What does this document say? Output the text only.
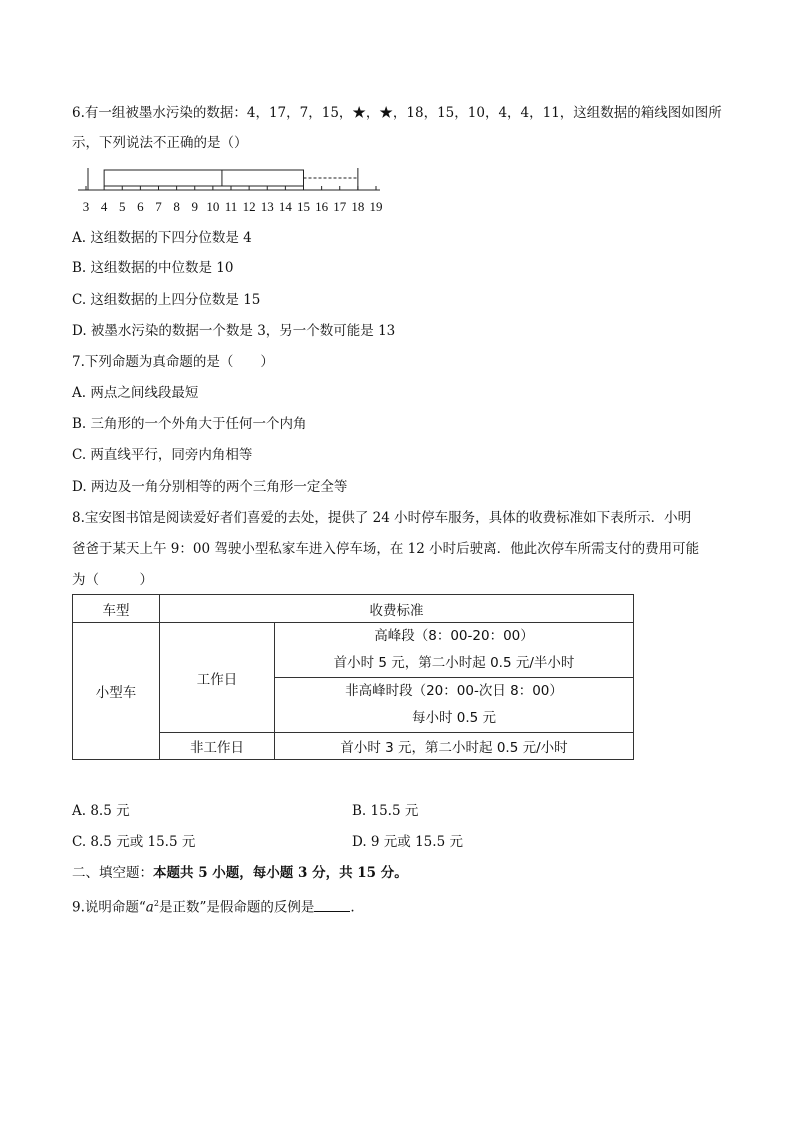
6.有一组被墨水污染的数据：4，17，7，15，★，★，18，15，10，4，4，11，这组数据的箱线图如图所
示，下列说法不正确的是（）
3 4 5 6 7 8 9 10 11 12 13 14 15 16 17 18 19
A. 这组数据的下四分位数是 4
B. 这组数据的中位数是 10
C. 这组数据的上四分位数是 15
D. 被墨水污染的数据一个数是 3，另一个数可能是 13
7.下列命题为真命题的是（　　）
A. 两点之间线段最短
B. 三角形的一个外角大于任何一个内角
C. 两直线平行，同旁内角相等
D. 两边及一角分别相等的两个三角形一定全等
8.宝安图书馆是阅读爱好者们喜爱的去处，提供了 24 小时停车服务，具体的收费标准如下表所示．小明
爸爸于某天上午 9：00 驾驶小型私家车进入停车场，在 12 小时后驶离．他此次停车所需支付的费用可能
为（　　　）
车型	收费标准	
小型车	工作日	高峰段（8：00-20：00）
首小时 5 元，第二小时起 0.5 元/半小时

		非高峰时段（20：00-次日 8：00）
每小时 0.5 元

	非工作日	首小时 3 元，第二小时起 0.5 元/小时
A. 8.5 元	B. 15.5 元
C. 8.5 元或 15.5 元	D. 9 元或 15.5 元
二、填空题：本题共 5 小题，每小题 3 分，共 15 分。
9.说明命题“$a^2$是正数”是假命题的反例是	.
